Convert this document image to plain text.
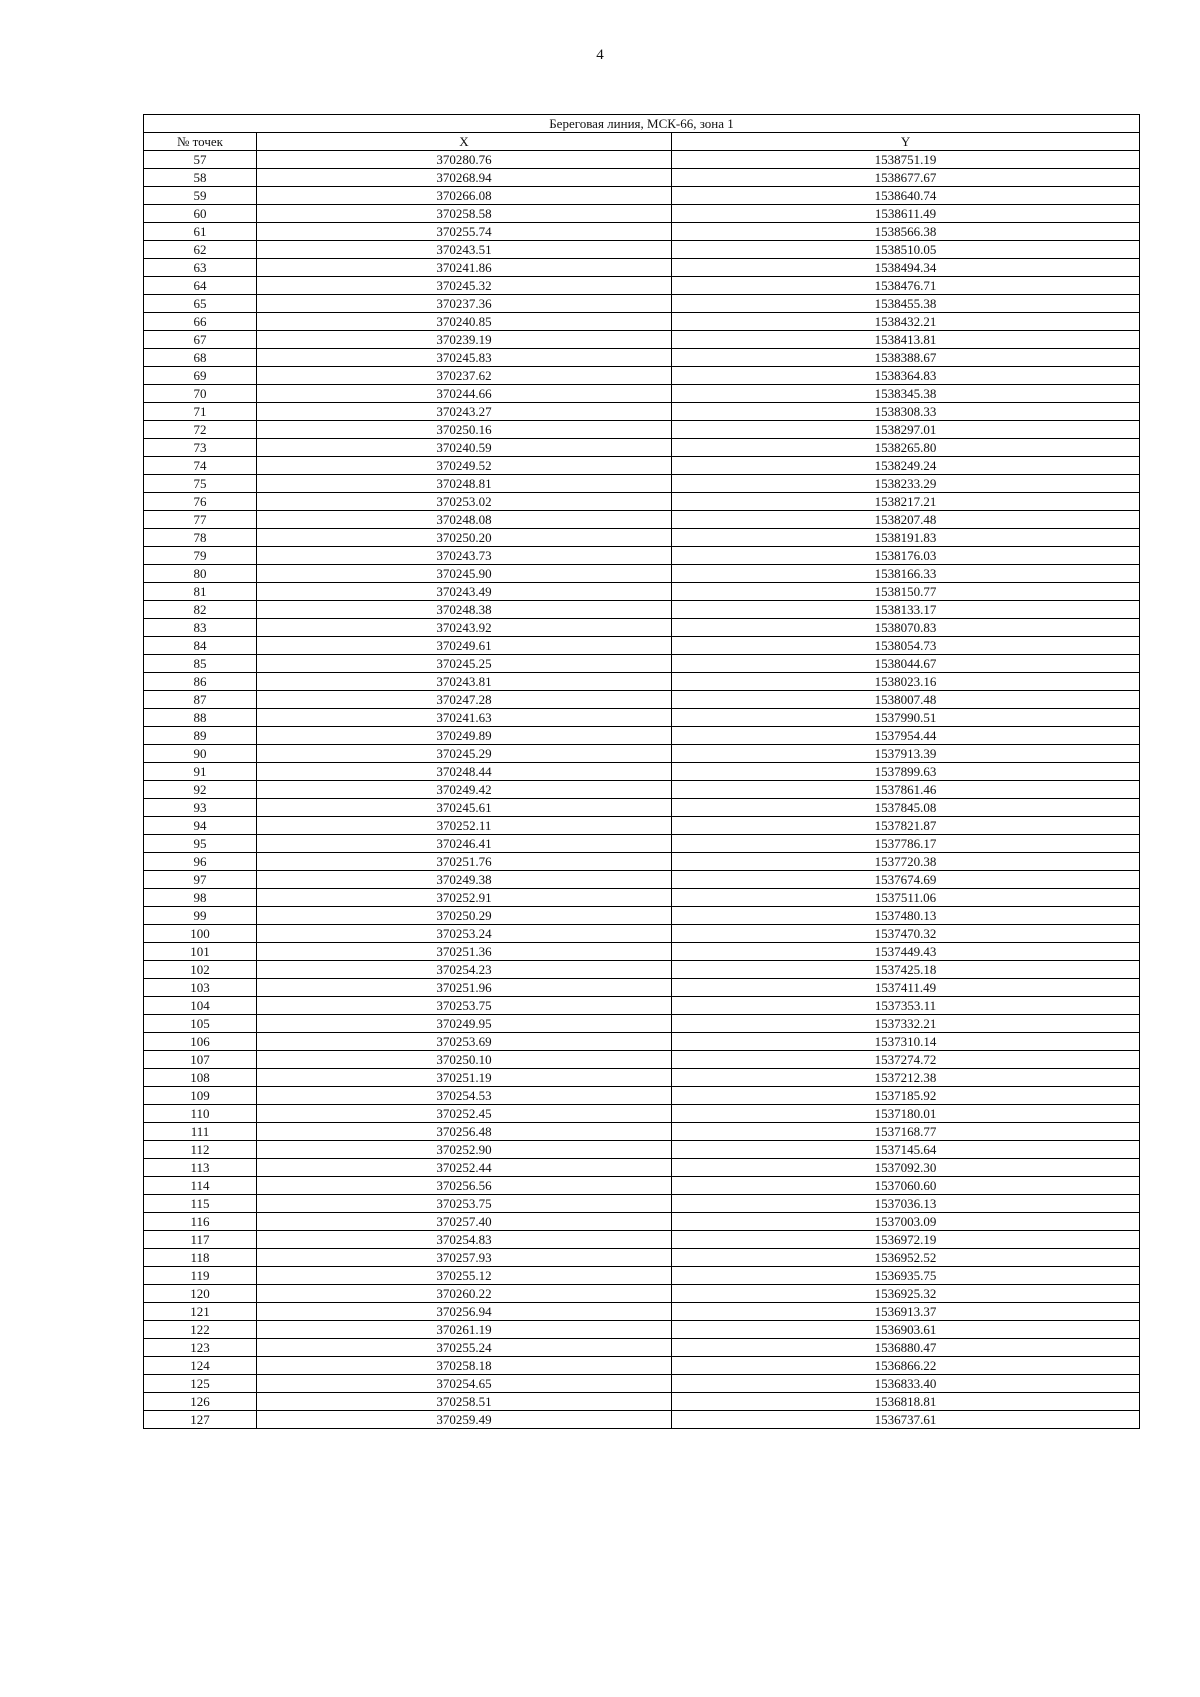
4
Береговая линия, МСК-66, зона 1		
№ точек	X	Y
57	370280.76	1538751.19
58	370268.94	1538677.67
59	370266.08	1538640.74
60	370258.58	1538611.49
61	370255.74	1538566.38
62	370243.51	1538510.05
63	370241.86	1538494.34
64	370245.32	1538476.71
65	370237.36	1538455.38
66	370240.85	1538432.21
67	370239.19	1538413.81
68	370245.83	1538388.67
69	370237.62	1538364.83
70	370244.66	1538345.38
71	370243.27	1538308.33
72	370250.16	1538297.01
73	370240.59	1538265.80
74	370249.52	1538249.24
75	370248.81	1538233.29
76	370253.02	1538217.21
77	370248.08	1538207.48
78	370250.20	1538191.83
79	370243.73	1538176.03
80	370245.90	1538166.33
81	370243.49	1538150.77
82	370248.38	1538133.17
83	370243.92	1538070.83
84	370249.61	1538054.73
85	370245.25	1538044.67
86	370243.81	1538023.16
87	370247.28	1538007.48
88	370241.63	1537990.51
89	370249.89	1537954.44
90	370245.29	1537913.39
91	370248.44	1537899.63
92	370249.42	1537861.46
93	370245.61	1537845.08
94	370252.11	1537821.87
95	370246.41	1537786.17
96	370251.76	1537720.38
97	370249.38	1537674.69
98	370252.91	1537511.06
99	370250.29	1537480.13
100	370253.24	1537470.32
101	370251.36	1537449.43
102	370254.23	1537425.18
103	370251.96	1537411.49
104	370253.75	1537353.11
105	370249.95	1537332.21
106	370253.69	1537310.14
107	370250.10	1537274.72
108	370251.19	1537212.38
109	370254.53	1537185.92
110	370252.45	1537180.01
111	370256.48	1537168.77
112	370252.90	1537145.64
113	370252.44	1537092.30
114	370256.56	1537060.60
115	370253.75	1537036.13
116	370257.40	1537003.09
117	370254.83	1536972.19
118	370257.93	1536952.52
119	370255.12	1536935.75
120	370260.22	1536925.32
121	370256.94	1536913.37
122	370261.19	1536903.61
123	370255.24	1536880.47
124	370258.18	1536866.22
125	370254.65	1536833.40
126	370258.51	1536818.81
127	370259.49	1536737.61
